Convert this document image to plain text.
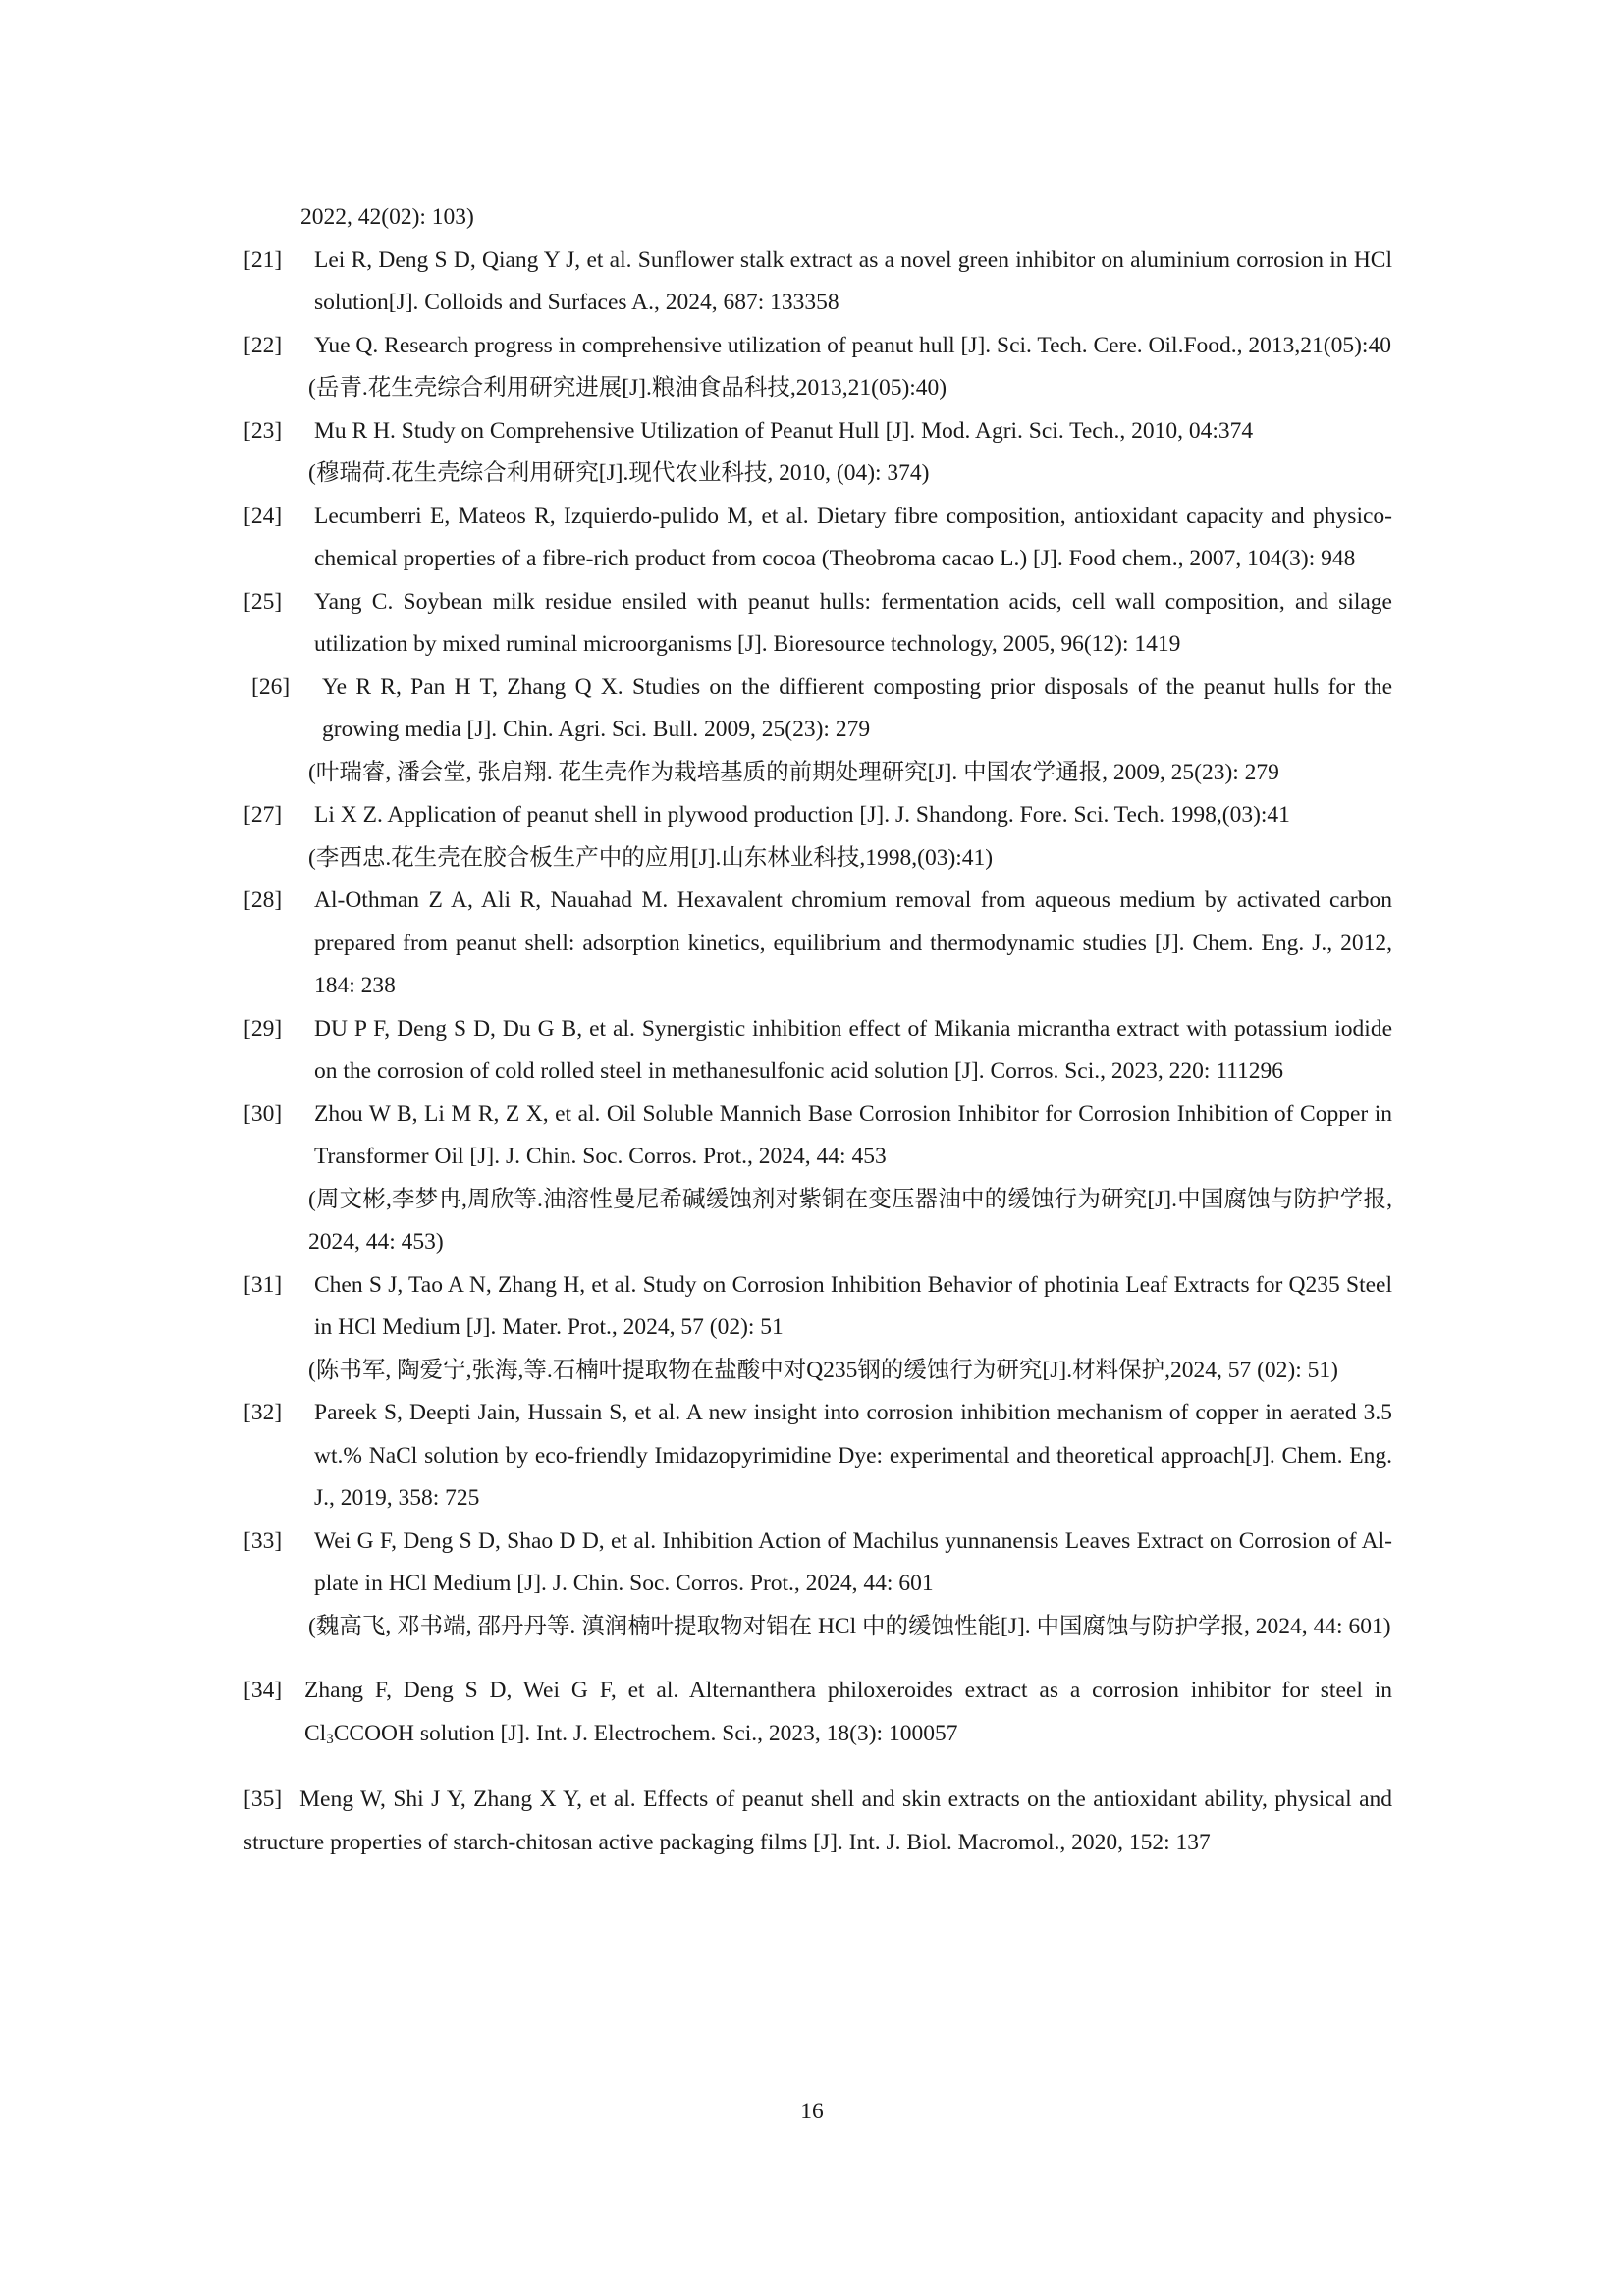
2022, 42(02): 103)
[21] Lei R, Deng S D, Qiang Y J, et al. Sunflower stalk extract as a novel green inhibitor on aluminium corrosion in HCl solution[J]. Colloids and Surfaces A., 2024, 687: 133358
[22] Yue Q. Research progress in comprehensive utilization of peanut hull [J]. Sci. Tech. Cere. Oil.Food., 2013,21(05):40
(岳青.花生壳综合利用研究进展[J].粮油食品科技,2013,21(05):40)
[23] Mu R H. Study on Comprehensive Utilization of Peanut Hull [J]. Mod. Agri. Sci. Tech., 2010, 04:374
(穆瑞荷.花生壳综合利用研究[J].现代农业科技, 2010, (04): 374)
[24] Lecumberri E, Mateos R, Izquierdo-pulido M, et al. Dietary fibre composition, antioxidant capacity and physico-chemical properties of a fibre-rich product from cocoa (Theobroma cacao L.) [J]. Food chem., 2007, 104(3): 948
[25] Yang C. Soybean milk residue ensiled with peanut hulls: fermentation acids, cell wall composition, and silage utilization by mixed ruminal microorganisms [J]. Bioresource technology, 2005, 96(12): 1419
[26]	Ye R R, Pan H T, Zhang Q X. Studies on the diffierent composting prior disposals of the peanut hulls for the growing media [J]. Chin. Agri. Sci. Bull. 2009, 25(23): 279
(叶瑞睿, 潘会堂, 张启翔. 花生壳作为栽培基质的前期处理研究[J]. 中国农学通报, 2009, 25(23): 279
[27] Li X Z. Application of peanut shell in plywood production [J]. J. Shandong. Fore. Sci. Tech. 1998,(03):41
(李西忠.花生壳在胶合板生产中的应用[J].山东林业科技,1998,(03):41)
[28] Al-Othman Z A, Ali R, Nauahad M. Hexavalent chromium removal from aqueous medium by activated carbon prepared from peanut shell: adsorption kinetics, equilibrium and thermodynamic studies [J]. Chem. Eng. J., 2012, 184: 238
[29] DU P F, Deng S D, Du G B, et al. Synergistic inhibition effect of Mikania micrantha extract with potassium iodide on the corrosion of cold rolled steel in methanesulfonic acid solution [J]. Corros. Sci., 2023, 220: 111296
[30] Zhou W B, Li M R, Z X, et al. Oil Soluble Mannich Base Corrosion Inhibitor for Corrosion Inhibition of Copper in Transformer Oil [J]. J. Chin. Soc. Corros. Prot., 2024, 44: 453
(周文彬,李梦冉,周欣等.油溶性曼尼希碱缓蚀剂对紫铜在变压器油中的缓蚀行为研究[J].中国腐蚀与防护学报, 2024, 44: 453)
[31] Chen S J, Tao A N, Zhang H, et al. Study on Corrosion Inhibition Behavior of photinia Leaf Extracts for Q235 Steel in HCl Medium [J]. Mater. Prot., 2024, 57 (02): 51
(陈书军, 陶爱宁,张海,等.石楠叶提取物在盐酸中对Q235钢的缓蚀行为研究[J].材料保护,2024, 57 (02): 51)
[32] Pareek S, Deepti Jain, Hussain S, et al. A new insight into corrosion inhibition mechanism of copper in aerated 3.5 wt.% NaCl solution by eco-friendly Imidazopyrimidine Dye: experimental and theoretical approach[J]. Chem. Eng. J., 2019, 358: 725
[33] Wei G F, Deng S D, Shao D D, et al. Inhibition Action of Machilus yunnanensis Leaves Extract on Corrosion of Al-plate in HCl Medium [J]. J. Chin. Soc. Corros. Prot., 2024, 44: 601
(魏高飞, 邓书端, 邵丹丹等. 滇润楠叶提取物对铝在 HCl 中的缓蚀性能[J]. 中国腐蚀与防护学报, 2024, 44: 601)
[34] Zhang F, Deng S D, Wei G F, et al. Alternanthera philoxeroides extract as a corrosion inhibitor for steel in $Cl_3CCOOH$ solution [J]. Int. J. Electrochem. Sci., 2023, 18(3): 100057
[35] Meng W, Shi J Y, Zhang X Y, et al. Effects of peanut shell and skin extracts on the antioxidant ability, physical and structure properties of starch-chitosan active packaging films [J]. Int. J. Biol. Macromol., 2020, 152: 137
16
